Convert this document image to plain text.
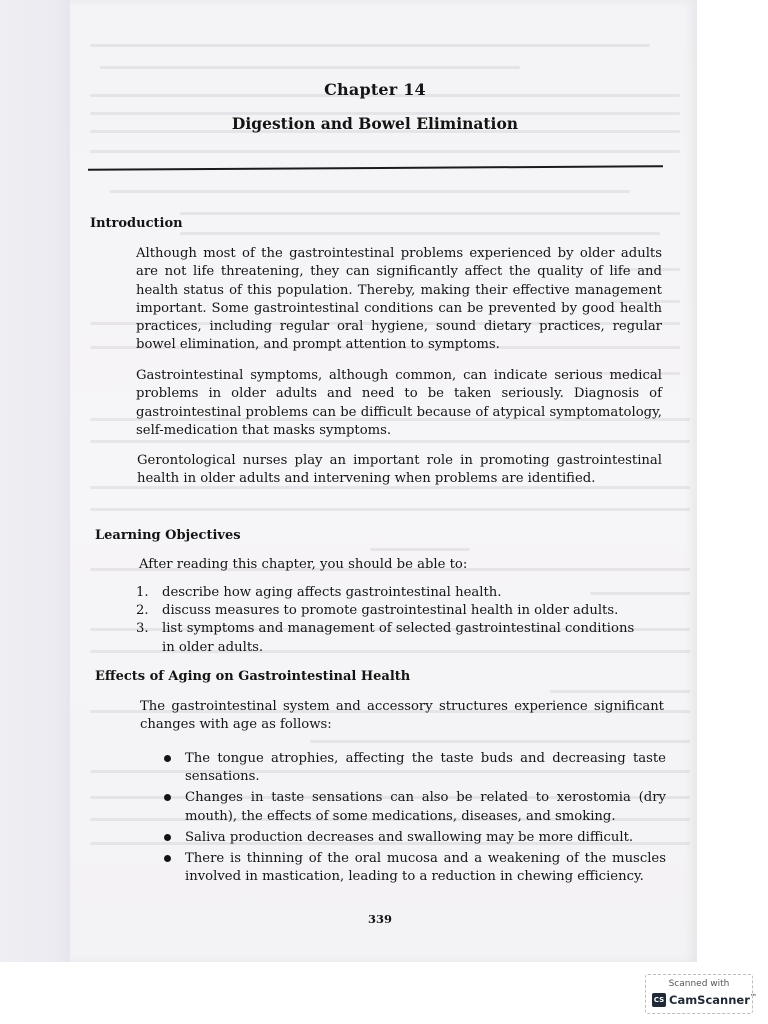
Chapter 14
Digestion and Bowel Elimination
Introduction

Although most of the gastrointestinal problems experienced by older adults are not life threatening, they can significantly affect the quality of life and health status of this population. Thereby, making their effective management important. Some gastrointestinal conditions can be prevented by good health practices, including regular oral hygiene, sound dietary practices, regular bowel elimination, and prompt attention to symptoms.

Gastrointestinal symptoms, although common, can indicate serious medical problems in older adults and need to be taken seriously. Diagnosis of gastrointestinal problems can be difficult because of atypical symptomatology, self-medication that masks symptoms.

Gerontological nurses play an important role in promoting gastrointestinal health in older adults and intervening when problems are identified.

Learning Objectives

After reading this chapter, you should be able to:

1. describe how aging affects gastrointestinal health.
2. discuss measures to promote gastrointestinal health in older adults.
3. list symptoms and management of selected gastrointestinal conditions in older adults.
Effects of Aging on Gastrointestinal Health

The gastrointestinal system and accessory structures experience significant changes with age as follows:

The tongue atrophies, affecting the taste buds and decreasing taste sensations.
Changes in taste sensations can also be related to xerostomia (dry mouth), the effects of some medications, diseases, and smoking.
Saliva production decreases and swallowing may be more difficult.
There is thinning of the oral mucosa and a weakening of the muscles involved in mastication, leading to a reduction in chewing efficiency.
339
Scanned with
CS CamScanner ™
